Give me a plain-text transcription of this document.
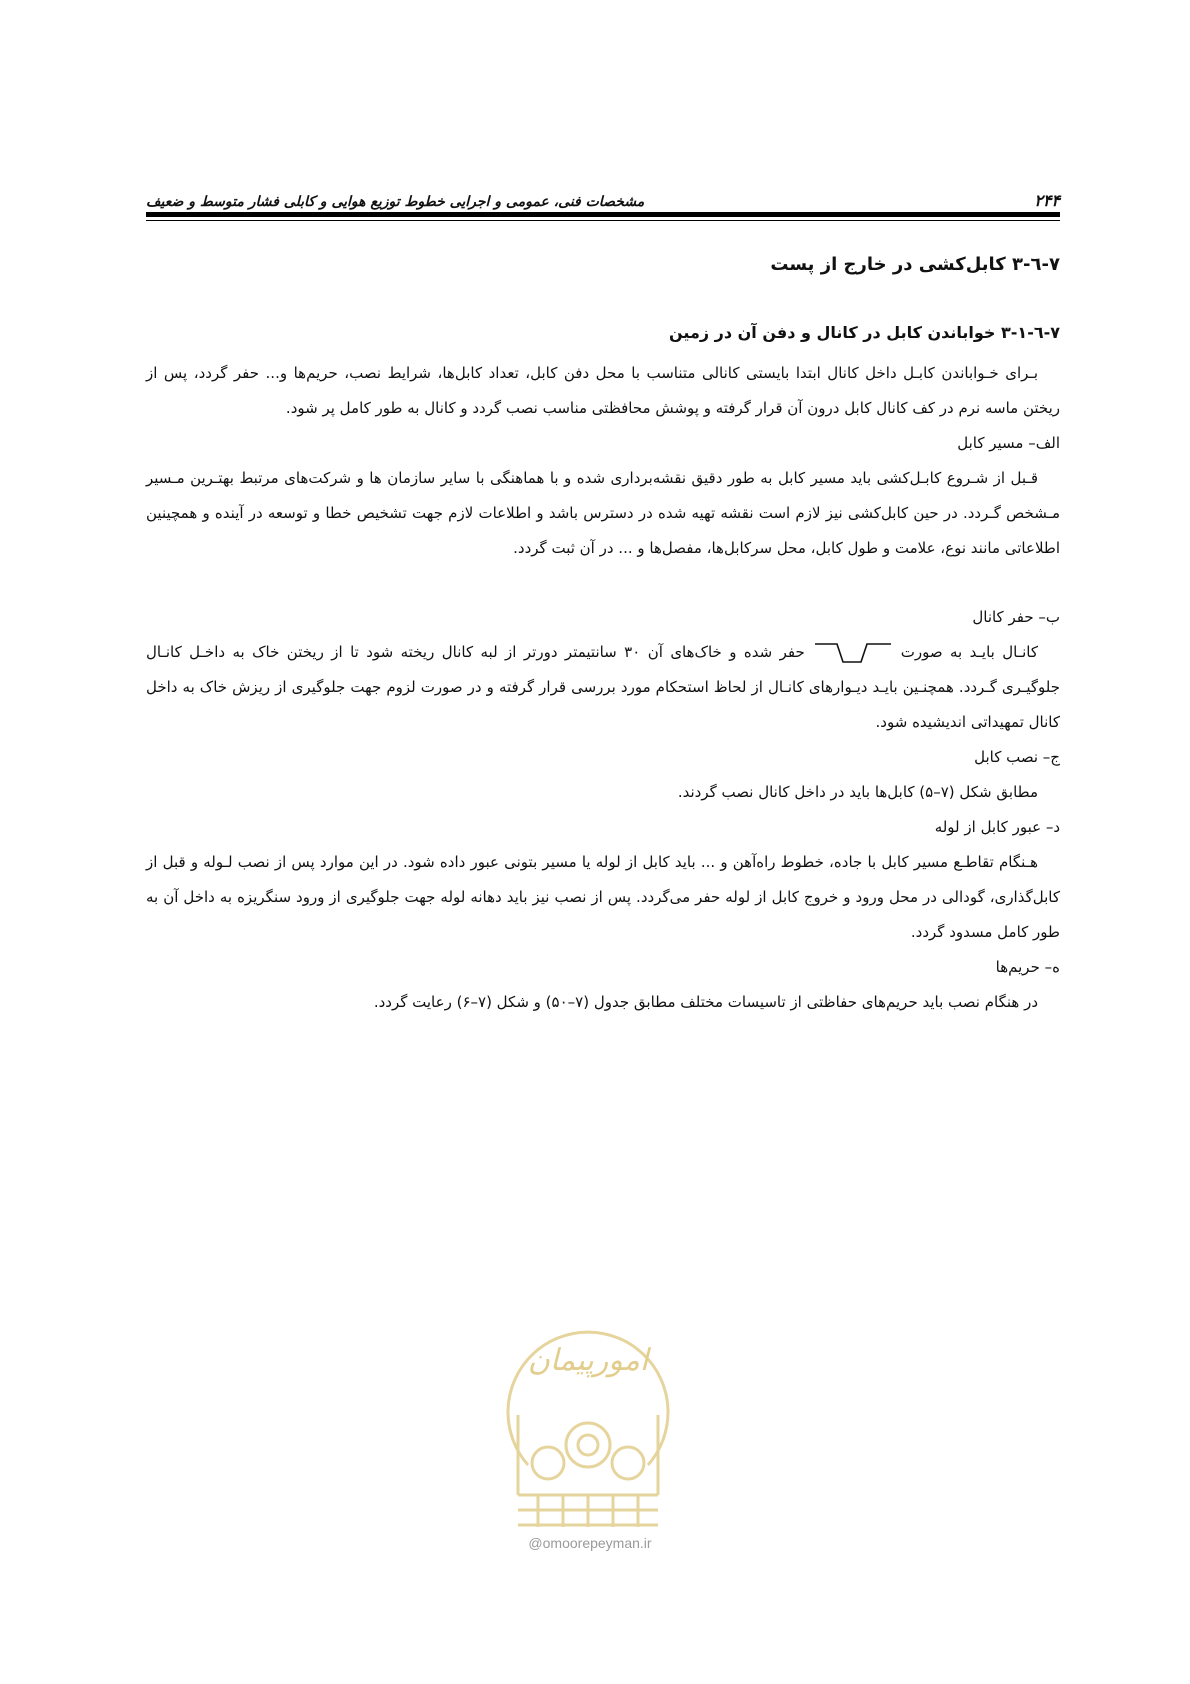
۲۴۴
مشخصات فنی، عمومی و اجرایی خطوط توزیع هوایی و کابلی فشار متوسط و ضعیف
۷-٦-۳ کابل‌کشی در خارج از پست
۷-٦-۳-۱ خواباندن کابل در کانال و دفن آن در زمین

بـرای خـواباندن کابـل داخل کانال ابتدا بایستی کانالی متناسب با محل دفن کابل، تعداد کابل‌ها، شرایط نصب، حریم‌ها و... حفر گردد، پس از ریختن ماسه نرم در کف کانال کابل درون آن قرار گرفته و پوشش محافظتی مناسب نصب گردد و کانال به طور کامل پر شود.

الف– مسیر کابل

قـبل از شـروع کابـل‌کشی باید مسیر کابل به طور دقیق نقشه‌برداری شده و با هماهنگی با سایر سازمان ها و شرکت‌های مرتبط بهتـرین مـسیر مـشخص گـردد. در حین کابل‌کشی نیز لازم است نقشه تهیه شده در دسترس باشد و اطلاعات لازم جهت تشخیص خطا و توسعه در آینده و همچینین اطلاعاتی مانند نوع، علامت و طول کابل، محل سرکابل‌ها، مفصل‌ها و ... در آن ثبت گردد.

ب– حفر کانال

کانـال بایـد به صورتحفر شده و خاک‌های آن ۳۰ سانتیمتر دورتر از لبه کانال ریخته شود تا از ریختن خاک به داخـل کانـال جلوگیـری گـردد. همچنـین بایـد دیـوارهای کانـال از لحاظ استحکام مورد بررسی قرار گرفته و در صورت لزوم جهت جلوگیری از ریزش خاک به داخل کانال تمهیداتی اندیشیده شود.

ج– نصب کابل

مطابق شکل (۷–۵) کابل‌ها باید در داخل کانال نصب گردند.

د– عبور کابل از لوله

هـنگام تقاطـع مسیر کابل با جاده، خطوط راه‌آهن و ... باید کابل از لوله یا مسیر بتونی عبور داده شود. در این موارد پس از نصب لـوله و قبل از کابل‌گذاری، گودالی در محل ورود و خروج کابل از لوله حفر می‌گردد. پس از نصب نیز باید دهانه لوله جهت جلوگیری از ورود سنگریزه به داخل آن به طور کامل مسدود گردد.

ه– حریم‌ها

در هنگام نصب باید حریم‌های حفاظتی از تاسیسات مختلف مطابق جدول (۷–۵۰) و شکل (۷–۶) رعایت گردد.

امورپیمان
@omoorepeyman.ir
